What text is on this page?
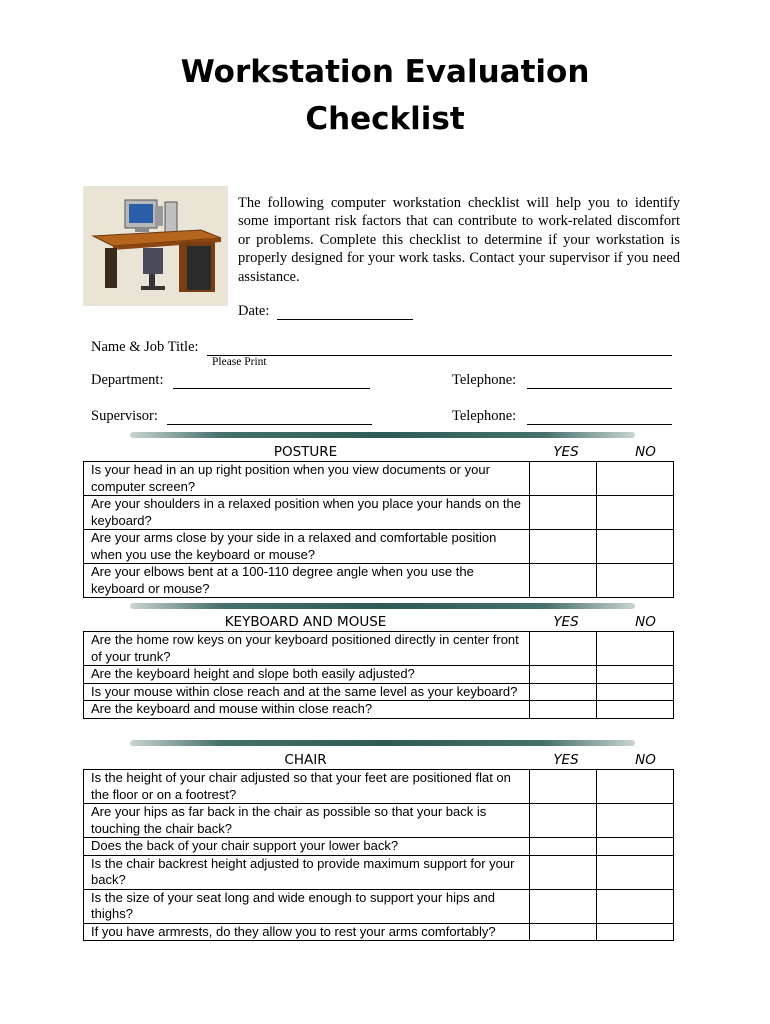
Workstation Evaluation
Checklist
The following computer workstation checklist will help you to identify some important risk factors that can contribute to work-related discomfort or problems. Complete this checklist to determine if your workstation is properly designed for your work tasks. Contact your supervisor if you need assistance.
Date:
Name & Job Title:
Please Print
Department:	Telephone:
Supervisor:	Telephone:
POSTURE	YES	NO
Is your head in an up right position when you view documents or your computer screen?		
Are your shoulders in a relaxed position when you place your hands on the keyboard?		
Are your arms close by your side in a relaxed and comfortable position when you use the keyboard or mouse?		
Are your elbows bent at a 100-110 degree angle when you use the keyboard or mouse?		
KEYBOARD AND MOUSE	YES	NO
Are the home row keys on your keyboard positioned directly in center front of your trunk?		
Are the keyboard height and slope both easily adjusted?		
Is your mouse within close reach and at the same level as your keyboard?		
Are the keyboard and mouse within close reach?		
CHAIR	YES	NO
Is the height of your chair adjusted so that your feet are positioned flat on the floor or on a footrest?		
Are your hips as far back in the chair as possible so that your back is touching the chair back?		
Does the back of your chair support your lower back?		
Is the chair backrest height adjusted to provide maximum support for your back?		
Is the size of your seat long and wide enough to support your hips and thighs?		
If you have armrests, do they allow you to rest your arms comfortably?		
